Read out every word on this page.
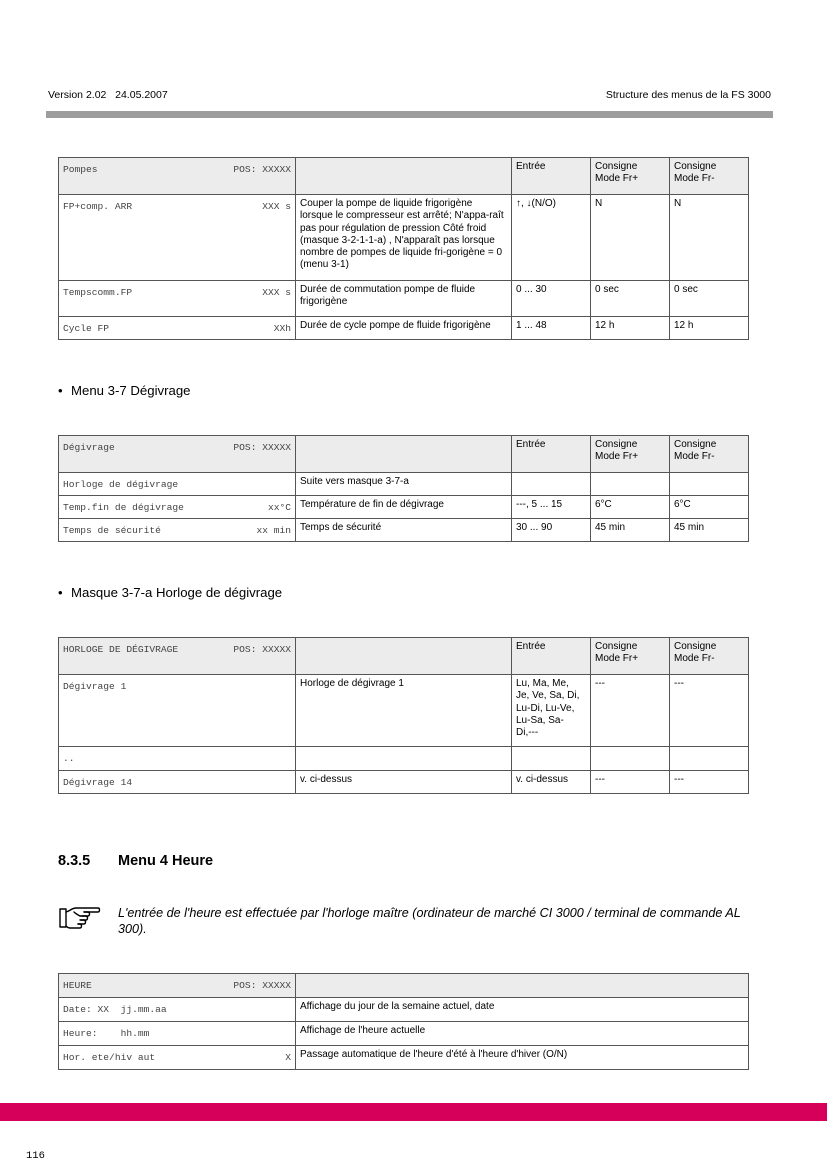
Version 2.02   24.05.2007	Structure des menus de la FS 3000
Pompes POS: XXXXX		Entrée	Consigne
Mode Fr+	Consigne
Mode Fr-

FP+comp. ARR XXX s	Couper la pompe de liquide frigorigène lorsque le compresseur est arrêté; N'appa-raît pas pour régulation de pression Côté froid (masque 3-2-1-1-a) , N'apparaît pas lorsque nombre de pompes de liquide fri-gorigène = 0 (menu 3-1)	↑, ↓(N/O)	N	N

Tempscomm.FP XXX s	Durée de commutation pompe de fluide frigorigène	0 ... 30	0 sec	0 sec

Cycle FP XXh	Durée de cycle pompe de fluide frigorigène	1 ... 48	12 h	12 h
• Menu 3-7 Dégivrage
Dégivrage POS: XXXXX		Entrée	Consigne
Mode Fr+	Consigne
Mode Fr-

Horloge de dégivrage	Suite vers masque 3-7-a			

Temp.fin de dégivrage xx°C	Température de fin de dégivrage	---, 5 ... 15	6°C	6°C

Temps de sécurité xx min	Temps de sécurité	30 ... 90	45 min	45 min
• Masque 3-7-a Horloge de dégivrage
HORLOGE DE DÉGIVRAGE POS: XXXXX		Entrée	Consigne
Mode Fr+	Consigne
Mode Fr-

Dégivrage 1	Horloge de dégivrage 1	Lu, Ma, Me,
Je, Ve, Sa, Di,
Lu-Di, Lu-Ve,
Lu-Sa, Sa-
Di,---	---	---

..				

Dégivrage 14	v. ci-dessus	v. ci-dessus	---	---
8.3.5 Menu 4 Heure
L'entrée de l'heure est effectuée par l'horloge maître (ordinateur de marché CI 3000 / terminal de commande AL 300).
HEURE POS: XXXXX	

Date: XX  jj.mm.aa	Affichage du jour de la semaine actuel, date

Heure:    hh.mm	Affichage de l'heure actuelle

Hor. ete/hiv aut X	Passage automatique de l'heure d'été à l'heure d'hiver (O/N)
116
